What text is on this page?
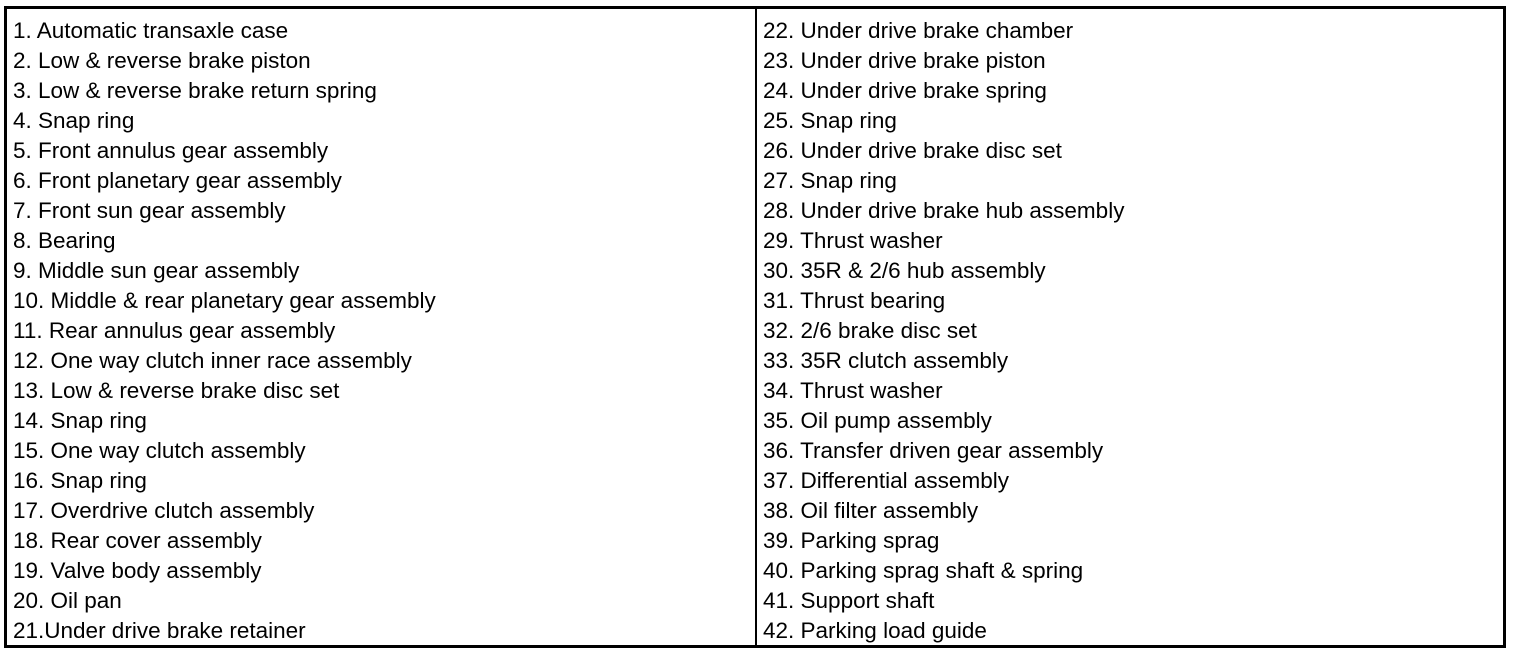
1. Automatic transaxle case
2. Low & reverse brake piston
3. Low & reverse brake return spring
4. Snap ring
5. Front annulus gear assembly
6. Front planetary gear assembly
7. Front sun gear assembly
8. Bearing
9. Middle sun gear assembly
10. Middle & rear planetary gear assembly
11. Rear annulus gear assembly
12. One way clutch inner race assembly
13. Low & reverse brake disc set
14. Snap ring
15. One way clutch assembly
16. Snap ring
17. Overdrive clutch assembly
18. Rear cover assembly
19. Valve body assembly
20. Oil pan
21.Under drive brake retainer
22. Under drive brake chamber
23. Under drive brake piston
24. Under drive brake spring
25. Snap ring
26. Under drive brake disc set
27. Snap ring
28. Under drive brake hub assembly
29. Thrust washer
30. 35R & 2/6 hub assembly
31. Thrust bearing
32. 2/6 brake disc set
33. 35R clutch assembly
34. Thrust washer
35. Oil pump assembly
36. Transfer driven gear assembly
37. Differential assembly
38. Oil filter assembly
39. Parking sprag
40. Parking sprag shaft & spring
41. Support shaft
42. Parking load guide
